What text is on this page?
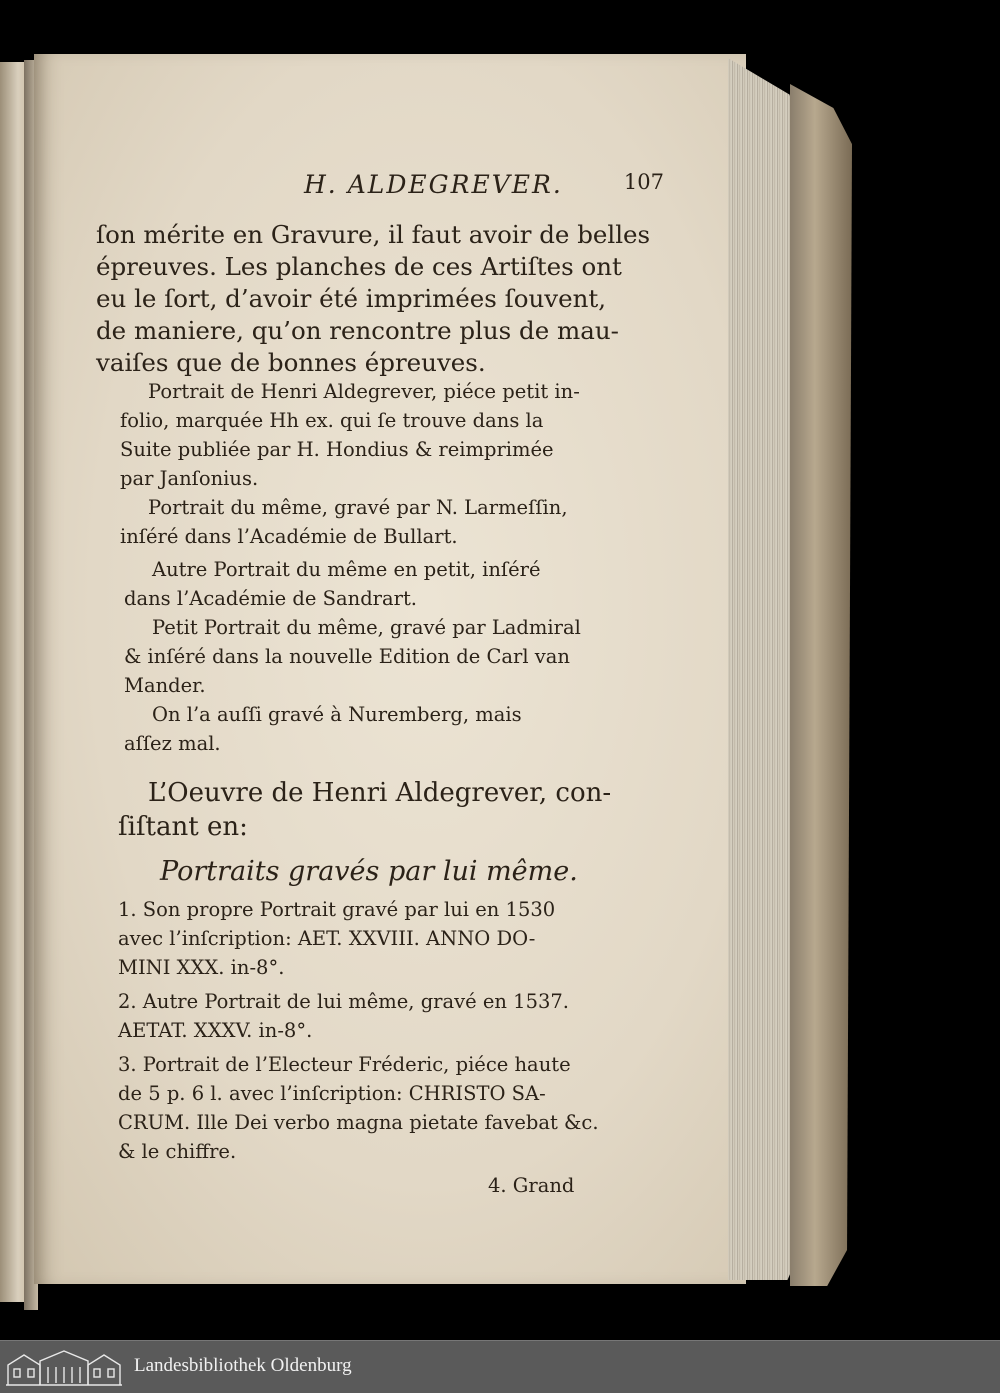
H. ALDEGREVER.	107
ſon mérite en Gravure, il faut avoir de belles
épreuves. Les planches de ces Artiſtes ont
eu le ſort, d’avoir été imprimées ſouvent,
de maniere, qu’on rencontre plus de mau-
vaiſes que de bonnes épreuves.
Portrait de Henri Aldegrever, piéce petit in-
folio, marquée Hh ex. qui ſe trouve dans la
Suite publiée par H. Hondius & reimprimée
par Janſonius.
Portrait du même, gravé par N. Larmeſſin,
inſéré dans l’Académie de Bullart.
Autre Portrait du même en petit, inſéré
dans l’Académie de Sandrart.
Petit Portrait du même, gravé par Ladmiral
& inſéré dans la nouvelle Edition de Carl van
Mander.
On l’a auſſi gravé à Nuremberg, mais
aſſez mal.
L’Oeuvre de Henri Aldegrever, con-
ſiſtant en:
Portraits gravés par lui même.
1. Son propre Portrait gravé par lui en 1530
avec l’inſcription: AET. XXVIII. ANNO DO-
MINI XXX. in-8°.
2. Autre Portrait de lui même, gravé en 1537.
AETAT. XXXV. in-8°.
3. Portrait de l’Electeur Fréderic, piéce haute
de 5 p. 6 l. avec l’inſcription: CHRISTO SA-
CRUM. Ille Dei verbo magna pietate favebat &c.
& le chiffre.
4. Grand
Landesbibliothek Oldenburg
